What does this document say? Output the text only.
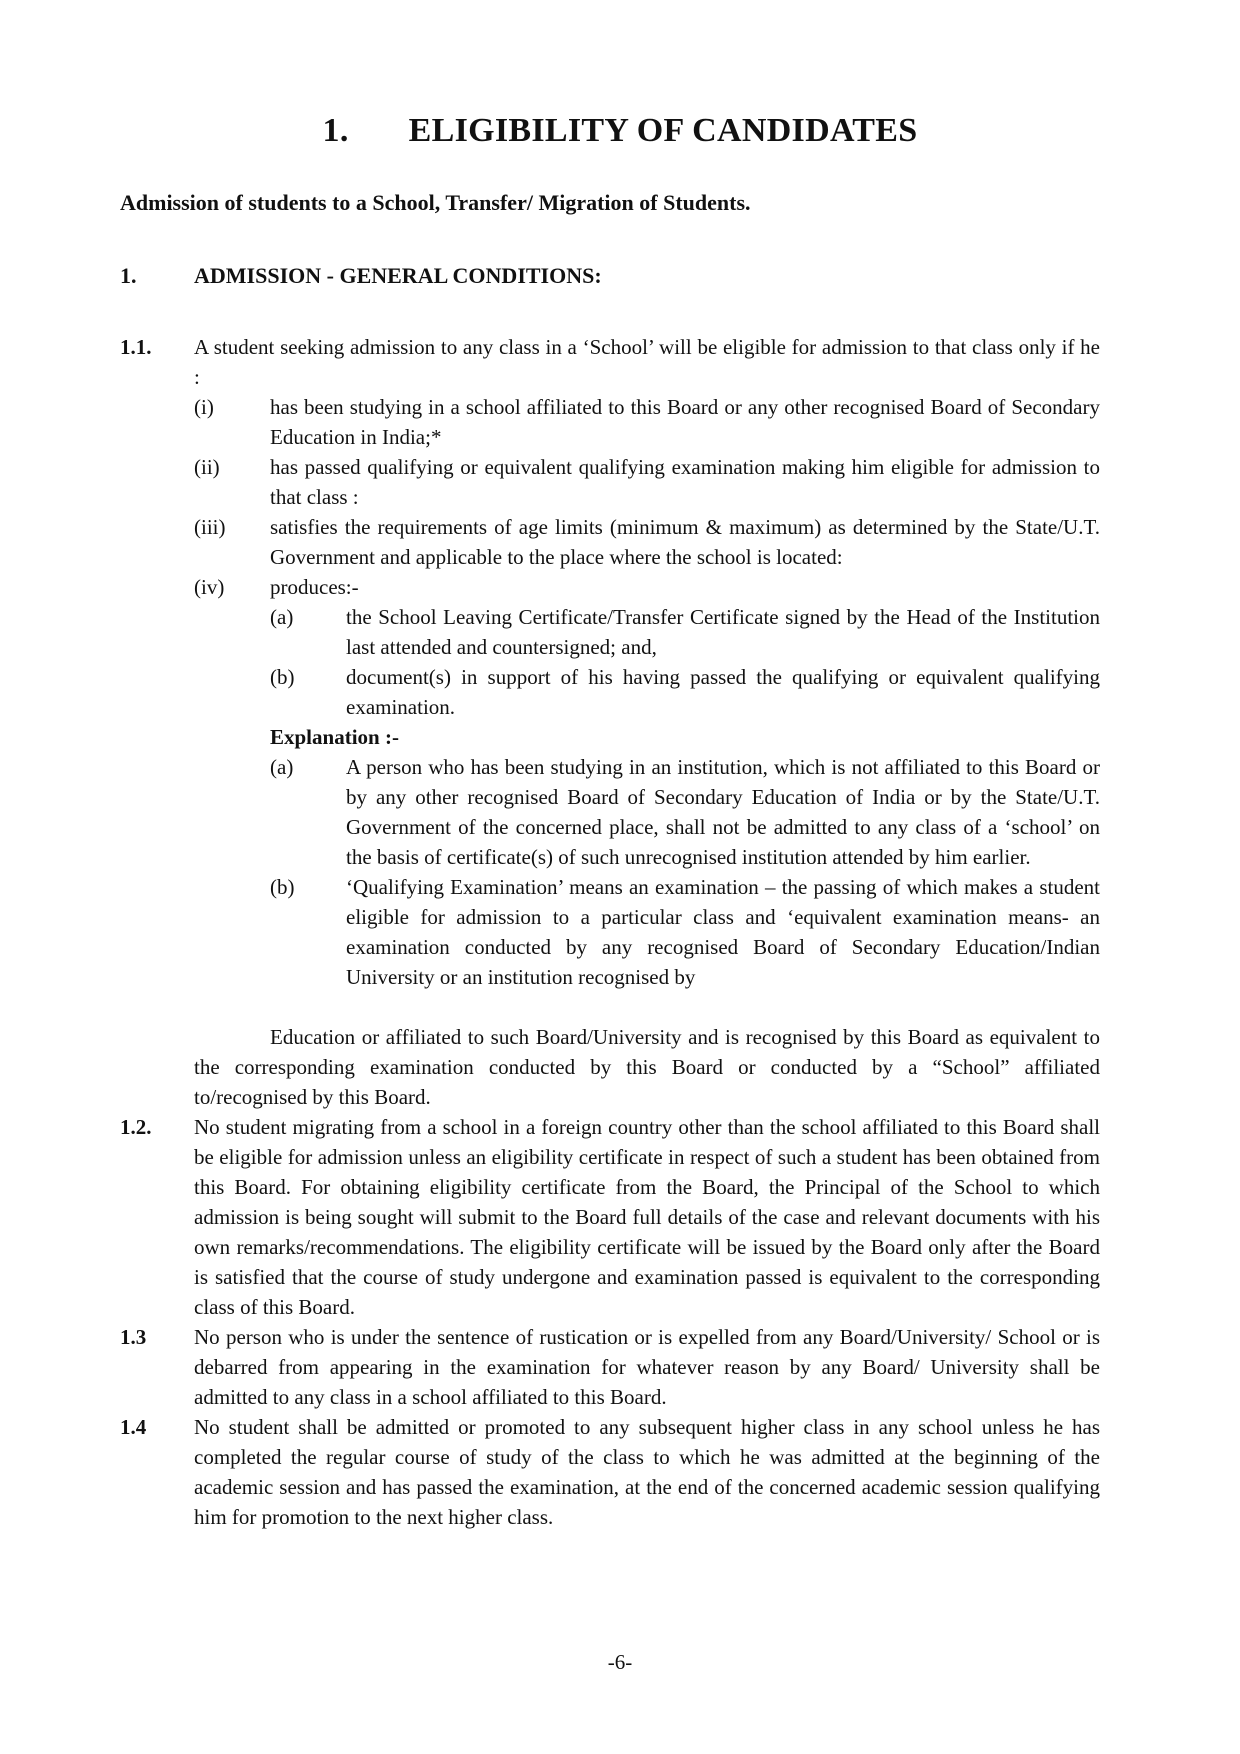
1. ELIGIBILITY OF CANDIDATES
Admission of students to a School, Transfer/ Migration of Students.
1.	ADMISSION - GENERAL CONDITIONS:
1.1. A student seeking admission to any class in a ‘School’ will be eligible for admission to that class only if he :
(i)	has been studying in a school affiliated to this Board or any other recognised Board of Secondary Education in India;*
(ii) has passed qualifying or equivalent qualifying examination making him eligible for admission to that class :
(iii) satisfies the requirements of age limits (minimum & maximum) as determined by the State/U.T. Government and applicable to the place where the school is located:
(iv) produces:-
(a)	the School Leaving Certificate/Transfer Certificate signed by the Head of the Institution last attended and countersigned; and,
(b) document(s) in support of his having passed the qualifying or equivalent qualifying examination.
Explanation :-
(a)	A person who has been studying in an institution, which is not affiliated to this Board or by any other recognised Board of Secondary Education of India or by the State/U.T. Government of the concerned place, shall not be admitted to any class of a ‘school’ on the basis of certificate(s) of such unrecognised institution attended by him earlier.
(b) ‘Qualifying Examination’ means an examination – the passing of which makes a student eligible for admission to a particular class and ‘equivalent examination means- an examination conducted by any recognised Board of Secondary Education/Indian University or an institution recognised by
Education or affiliated to such Board/University and is recognised by this Board as equivalent to the corresponding examination conducted by this Board or conducted by a “School” affiliated to/recognised by this Board.
1.2. No student migrating from a school in a foreign country other than the school affiliated to this Board shall be eligible for admission unless an eligibility certificate in respect of such a student has been obtained from this Board. For obtaining eligibility certificate from the Board, the Principal of the School to which admission is being sought will submit to the Board full details of the case and relevant documents with his own remarks/recommendations. The eligibility certificate will be issued by the Board only after the Board is satisfied that the course of study undergone and examination passed is equivalent to the corresponding class of this Board.
1.3 No person who is under the sentence of rustication or is expelled from any Board/University/ School or is debarred from appearing in the examination for whatever reason by any Board/ University shall be admitted to any class in a school affiliated to this Board.
1.4 No student shall be admitted or promoted to any subsequent higher class in any school unless he has completed the regular course of study of the class to which he was admitted at the beginning of the academic session and has passed the examination, at the end of the concerned academic session qualifying him for promotion to the next higher class.
-6-
